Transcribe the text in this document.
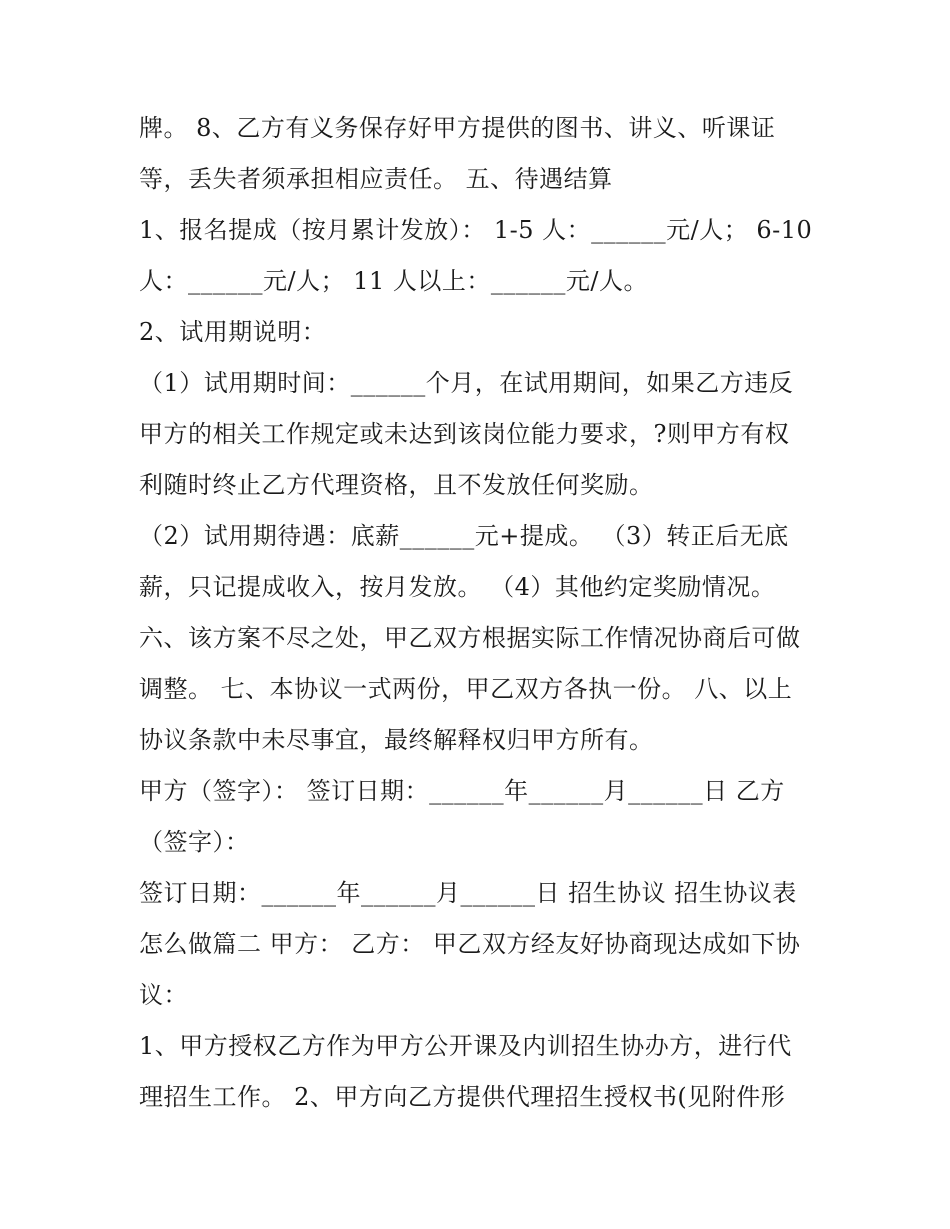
牌。 8、乙方有义务保存好甲方提供的图书、讲义、听课证
等，丢失者须承担相应责任。 五、待遇结算
1、报名提成（按月累计发放）： 1-5 人：______元/人； 6-10
人：______元/人； 11 人以上：______元/人。
2、试用期说明：
（1）试用期时间：______个月，在试用期间，如果乙方违反
甲方的相关工作规定或未达到该岗位能力要求，?则甲方有权
利随时终止乙方代理资格，且不发放任何奖励。
（2）试用期待遇：底薪______元+提成。 （3）转正后无底
薪，只记提成收入，按月发放。 （4）其他约定奖励情况。
六、该方案不尽之处，甲乙双方根据实际工作情况协商后可做
调整。 七、本协议一式两份，甲乙双方各执一份。 八、以上
协议条款中未尽事宜，最终解释权归甲方所有。
甲方（签字）： 签订日期：______年______月______日 乙方
（签字）：
签订日期：______年______月______日 招生协议 招生协议表
怎么做篇二 甲方： 乙方： 甲乙双方经友好协商现达成如下协
议：
1、甲方授权乙方作为甲方公开课及内训招生协办方，进行代
理招生工作。 2、甲方向乙方提供代理招生授权书(见附件形
